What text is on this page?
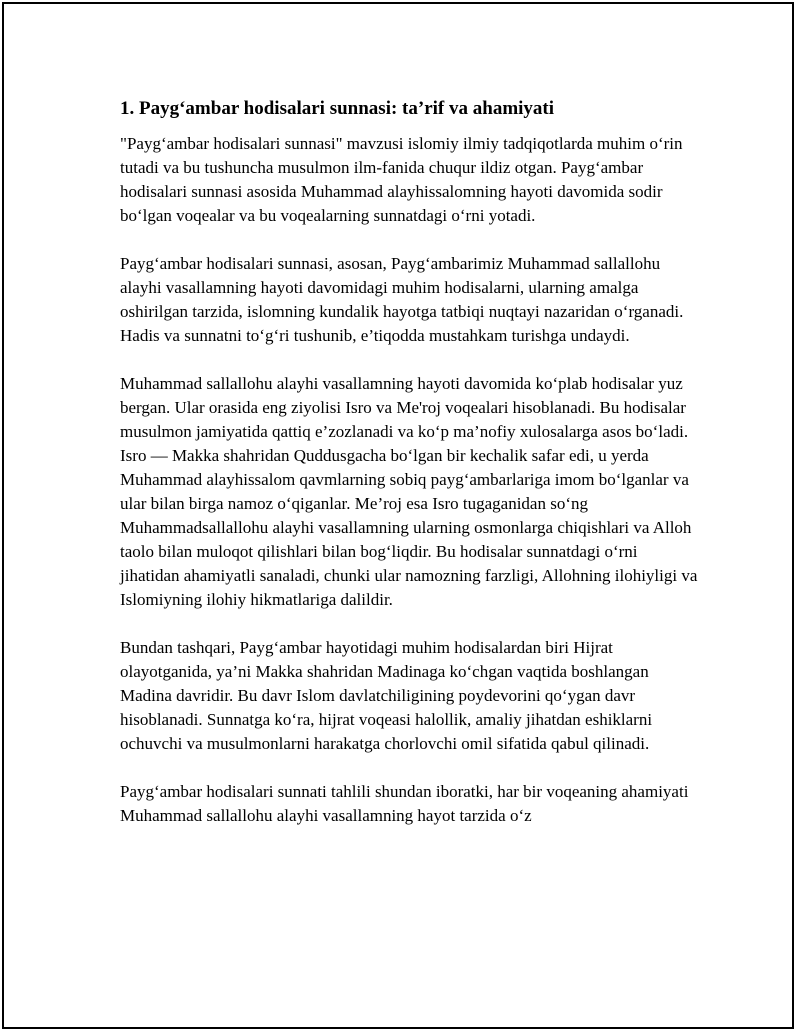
1. Payg‘ambar hodisalari sunnasi: ta’rif va ahamiyati

"Payg‘ambar hodisalari sunnasi" mavzusi islomiy ilmiy tadqiqotlarda muhim o‘rin tutadi va bu tushuncha musulmon ilm-fanida chuqur ildiz otgan. Payg‘ambar hodisalari sunnasi asosida Muhammad alayhissalomning hayoti davomida sodir bo‘lgan voqealar va bu voqealarning sunnatdagi o‘rni yotadi.

Payg‘ambar hodisalari sunnasi, asosan, Payg‘ambarimiz Muhammad sallallohu alayhi vasallamning hayoti davomidagi muhim hodisalarni, ularning amalga oshirilgan tarzida, islomning kundalik hayotga tatbiqi nuqtayi nazaridan o‘rganadi. Hadis va sunnatni to‘g‘ri tushunib, e’tiqodda mustahkam turishga undaydi.

Muhammad sallallohu alayhi vasallamning hayoti davomida ko‘plab hodisalar yuz bergan. Ular orasida eng ziyolisi Isro va Me'roj voqealari hisoblanadi. Bu hodisalar musulmon jamiyatida qattiq e’zozlanadi va ko‘p ma’nofiy xulosalarga asos bo‘ladi. Isro — Makka shahridan Quddusgacha bo‘lgan bir kechalik safar edi, u yerda Muhammad alayhissalom qavmlarning sobiq payg‘ambarlariga imom bo‘lganlar va ular bilan birga namoz o‘qiganlar. Me’roj esa Isro tugaganidan so‘ng Muhammadsallallohu alayhi vasallamning ularning osmonlarga chiqishlari va Alloh taolo bilan muloqot qilishlari bilan bog‘liqdir. Bu hodisalar sunnatdagi o‘rni jihatidan ahamiyatli sanaladi, chunki ular namozning farzligi, Allohning ilohiyligi va Islomiyning ilohiy hikmatlariga dalildir.

Bundan tashqari, Payg‘ambar hayotidagi muhim hodisalardan biri Hijrat olayotganida, ya’ni Makka shahridan Madinaga ko‘chgan vaqtida boshlangan Madina davridir. Bu davr Islom davlatchiligining poydevorini qo‘ygan davr hisoblanadi. Sunnatga ko‘ra, hijrat voqeasi halollik, amaliy jihatdan eshiklarni ochuvchi va musulmonlarni harakatga chorlovchi omil sifatida qabul qilinadi.

Payg‘ambar hodisalari sunnati tahlili shundan iboratki, har bir voqeaning ahamiyati Muhammad sallallohu alayhi vasallamning hayot tarzida o‘z
